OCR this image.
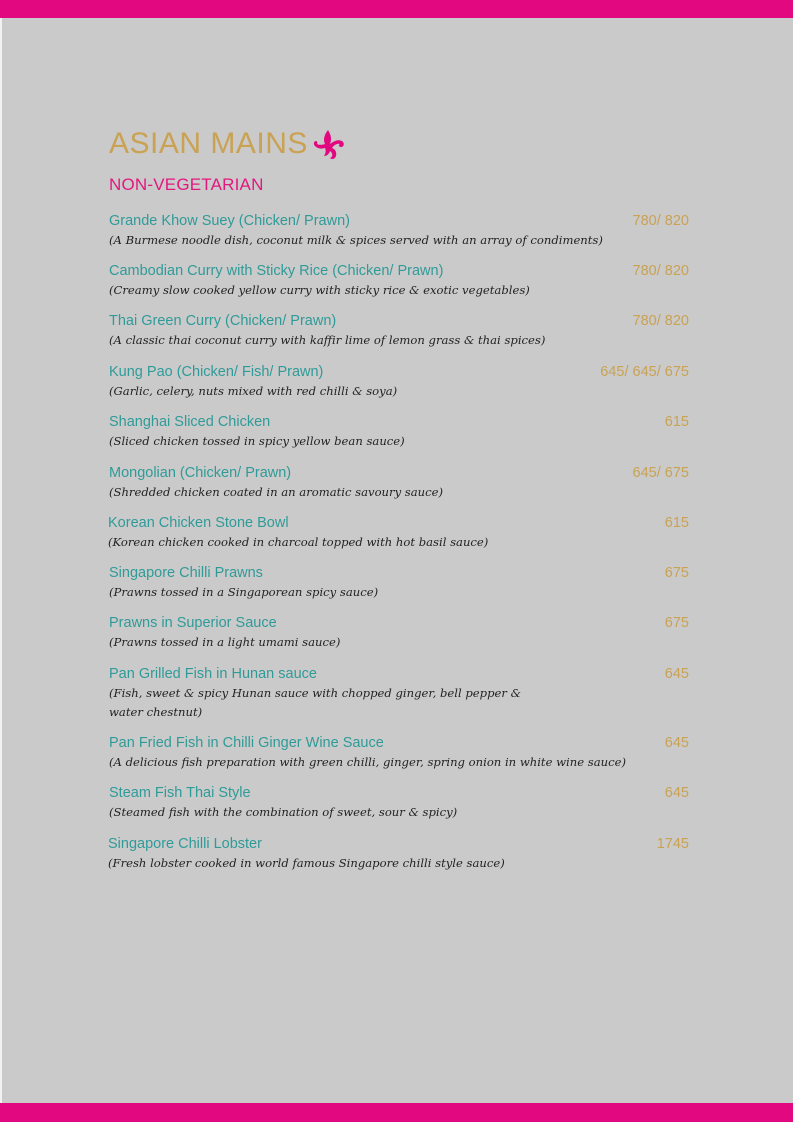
ASIAN MAINS
NON-VEGETARIAN
Grande Khow Suey (Chicken/ Prawn)
(A Burmese noodle dish, coconut milk & spices served with an array of condiments)
780/ 820
Cambodian Curry with Sticky Rice (Chicken/ Prawn)
(Creamy slow cooked yellow curry with sticky rice & exotic vegetables)
780/ 820
Thai Green Curry (Chicken/ Prawn)
(A classic thai coconut curry with kaffir lime of lemon grass & thai spices)
780/ 820
Kung Pao (Chicken/ Fish/ Prawn)
(Garlic, celery, nuts mixed with red chilli & soya)
645/ 645/ 675
Shanghai Sliced Chicken
(Sliced chicken tossed in spicy yellow bean sauce)
615
Mongolian (Chicken/ Prawn)
(Shredded chicken coated in an aromatic savoury sauce)
645/ 675
Korean Chicken Stone Bowl
(Korean chicken cooked in charcoal topped with hot basil sauce)
615
Singapore Chilli Prawns
(Prawns tossed in a Singaporean spicy sauce)
675
Prawns in Superior Sauce
(Prawns tossed in a light umami sauce)
675
Pan Grilled Fish in Hunan sauce
(Fish, sweet & spicy Hunan sauce with chopped ginger, bell pepper & water chestnut)
645
Pan Fried Fish in Chilli Ginger Wine Sauce
(A delicious fish preparation with green chilli, ginger, spring onion in white wine sauce)
645
Steam Fish Thai Style
(Steamed fish with the combination of sweet, sour & spicy)
645
Singapore Chilli Lobster
(Fresh lobster cooked in world famous Singapore chilli style sauce)
1745
